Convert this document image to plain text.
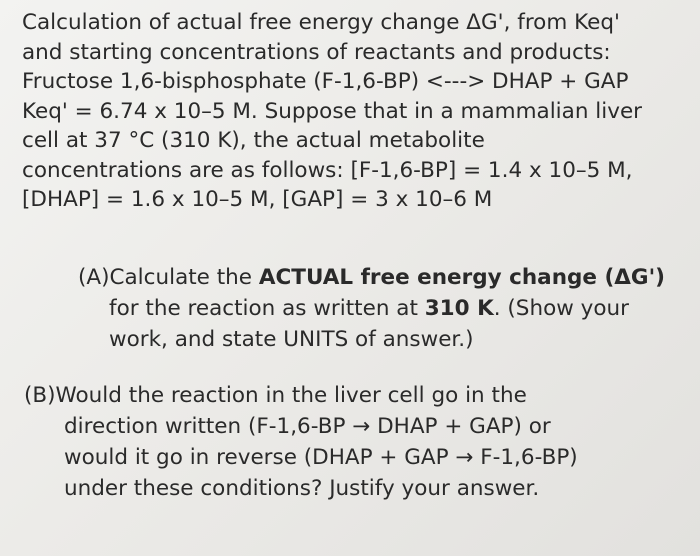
Calculation of actual free energy change ΔG', from Keq'
and starting concentrations of reactants and products:
Fructose 1,6-bisphosphate (F-1,6-BP) <---> DHAP + GAP
Keq' = 6.74 x 10–5 M. Suppose that in a mammalian liver
cell at 37 °C (310 K), the actual metabolite
concentrations are as follows: [F-1,6-BP] = 1.4 x 10–5 M,
[DHAP] = 1.6 x 10–5 M, [GAP] = 3 x 10–6 M
(A)Calculate the ACTUAL free energy change (ΔG')
for the reaction as written at 310 K. (Show your
work, and state UNITS of answer.)
(B)Would the reaction in the liver cell go in the
direction written (F-1,6-BP → DHAP + GAP) or
would it go in reverse (DHAP + GAP → F-1,6-BP)
under these conditions? Justify your answer.
